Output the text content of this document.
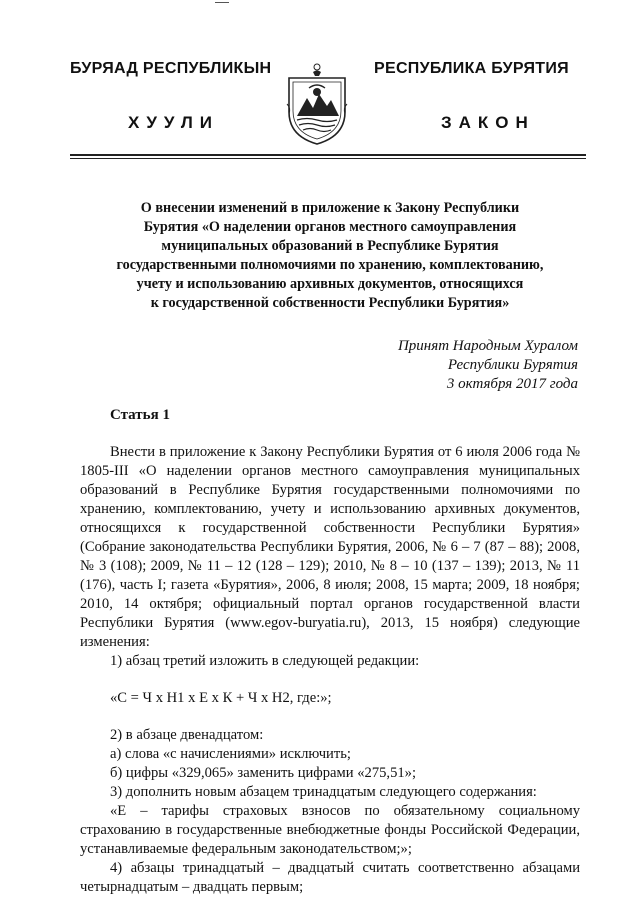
БУРЯАД РЕСПУБЛИКЫН	РЕСПУБЛИКА БУРЯТИЯ
ХУУЛИ	ЗАКОН
О внесении изменений в приложение к Закону Республики
Бурятия «О наделении органов местного самоуправления
муниципальных образований в Республике Бурятия
государственными полномочиями по хранению, комплектованию,
учету и использованию архивных документов, относящихся
к государственной собственности Республики Бурятия»
Принят Народным Хуралом
Республики Бурятия
3 октября 2017 года
Статья 1

Внести в приложение к Закону Республики Бурятия от 6 июля 2006 года № 1805-III «О наделении органов местного самоуправления муниципальных образований в Республике Бурятия государственными полномочиями по хранению, комплектованию, учету и использованию архивных документов, относящихся к государственной собственности Республики Бурятия» (Собрание законодательства Республики Бурятия, 2006, № 6 – 7 (87 – 88); 2008, № 3 (108); 2009, № 11 – 12 (128 – 129); 2010, № 8 – 10 (137 – 139); 2013, № 11 (176), часть I; газета «Бурятия», 2006, 8 июля; 2008, 15 марта; 2009, 18 ноября; 2010, 14 октября; официальный портал органов государственной власти Республики Бурятия (www.egov-buryatia.ru), 2013, 15 ноября) следующие изменения:

1) абзац третий изложить в следующей редакции:

«С = Ч х Н1 х Е х К + Ч х Н2, где:»;

2) в абзаце двенадцатом:

а) слова «с начислениями» исключить;

б) цифры «329,065» заменить цифрами «275,51»;

3) дополнить новым абзацем тринадцатым следующего содержания:

«Е – тарифы страховых взносов по обязательному социальному страхованию в государственные внебюджетные фонды Российской Федерации, устанавливаемые федеральным законодательством;»;

4) абзацы тринадцатый – двадцатый считать соответственно абзацами четырнадцатым – двадцать первым;
